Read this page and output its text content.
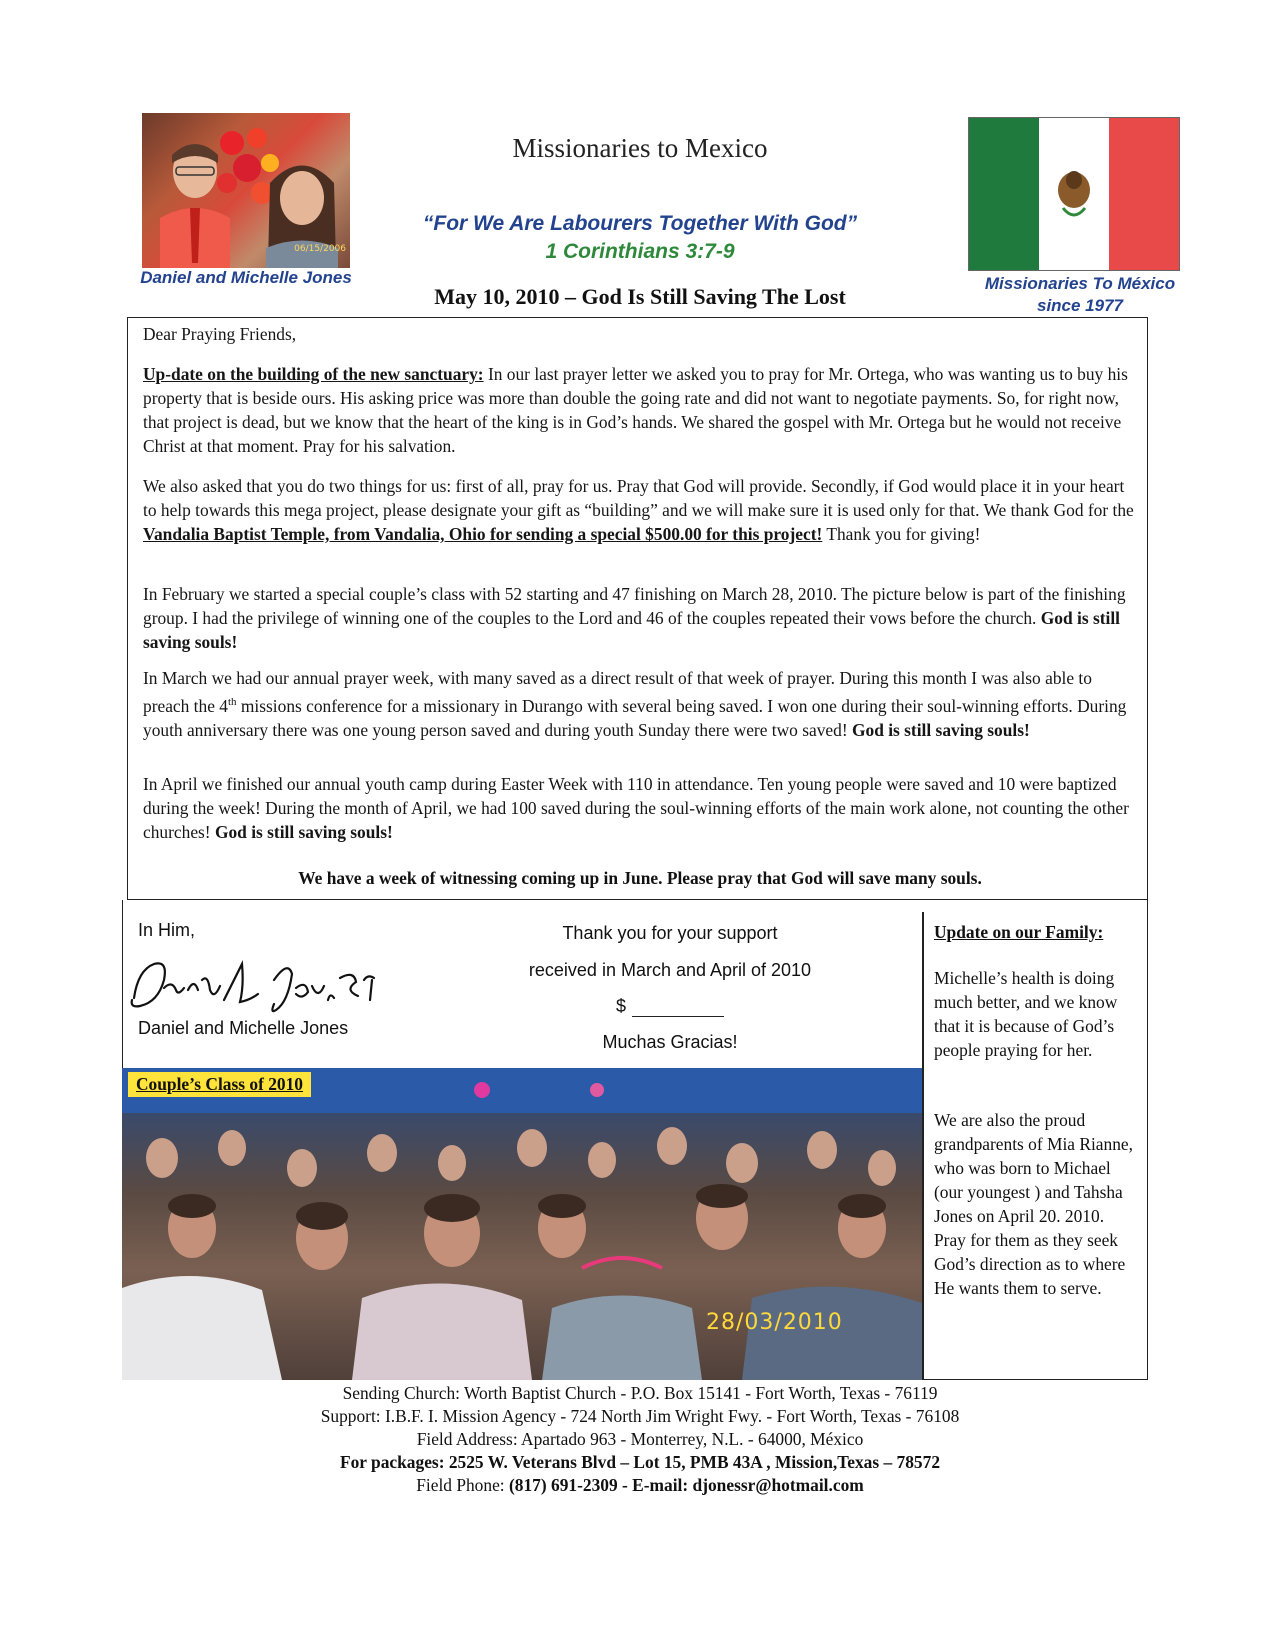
06/15/2006
Daniel and Michelle Jones
Missionaries to Mexico
“For We Are Labourers Together With God”
1 Corinthians 3:7-9
May 10, 2010 – God Is Still Saving The Lost
Missionaries To México
since 1977

Dear Praying Friends,

Up-date on the building of the new sanctuary: In our last prayer letter we asked you to pray for Mr. Ortega, who was wanting us to buy his property that is beside ours. His asking price was more than double the going rate and did not want to negotiate payments. So, for right now, that project is dead, but we know that the heart of the king is in God’s hands. We shared the gospel with Mr. Ortega but he would not receive Christ at that moment. Pray for his salvation.

We also asked that you do two things for us: first of all, pray for us. Pray that God will provide. Secondly, if God would place it in your heart to help towards this mega project, please designate your gift as “building” and we will make sure it is used only for that. We thank God for the Vandalia Baptist Temple, from Vandalia, Ohio for sending a special $500.00 for this project! Thank you for giving!

In February we started a special couple’s class with 52 starting and 47 finishing on March 28, 2010. The picture below is part of the finishing group. I had the privilege of winning one of the couples to the Lord and 46 of the couples repeated their vows before the church. God is still saving souls!

In March we had our annual prayer week, with many saved as a direct result of that week of prayer. During this month I was also able to preach the 4th missions conference for a missionary in Durango with several being saved. I won one during their soul-winning efforts. During youth anniversary there was one young person saved and during youth Sunday there were two saved! God is still saving souls!

In April we finished our annual youth camp during Easter Week with 110 in attendance. Ten young people were saved and 10 were baptized during the week! During the month of April, we had 100 saved during the soul-winning efforts of the main work alone, not counting the other churches! God is still saving souls!

We have a week of witnessing coming up in June. Please pray that God will save many souls.
In Him,
Daniel and Michelle Jones
Thank you for your support
received in March and April of 2010
$
Muchas Gracias!
Couple’s Class of 2010
28/03/2010
Update on our Family:

Michelle’s health is doing much better, and we know that it is because of God’s people praying for her.

We are also the proud grandparents of Mia Rianne, who was born to Michael (our youngest ) and Tahsha Jones on April 20. 2010. Pray for them as they seek God’s direction as to where He wants them to serve.

Sending Church: Worth Baptist Church - P.O. Box 15141 - Fort Worth, Texas - 76119
Support: I.B.F. I. Mission Agency - 724 North Jim Wright Fwy. - Fort Worth, Texas - 76108
Field Address: Apartado 963 - Monterrey, N.L. - 64000, México
For packages: 2525 W. Veterans Blvd – Lot 15, PMB 43A , Mission,Texas – 78572
Field Phone: (817) 691-2309 - E-mail: djonessr@hotmail.com
